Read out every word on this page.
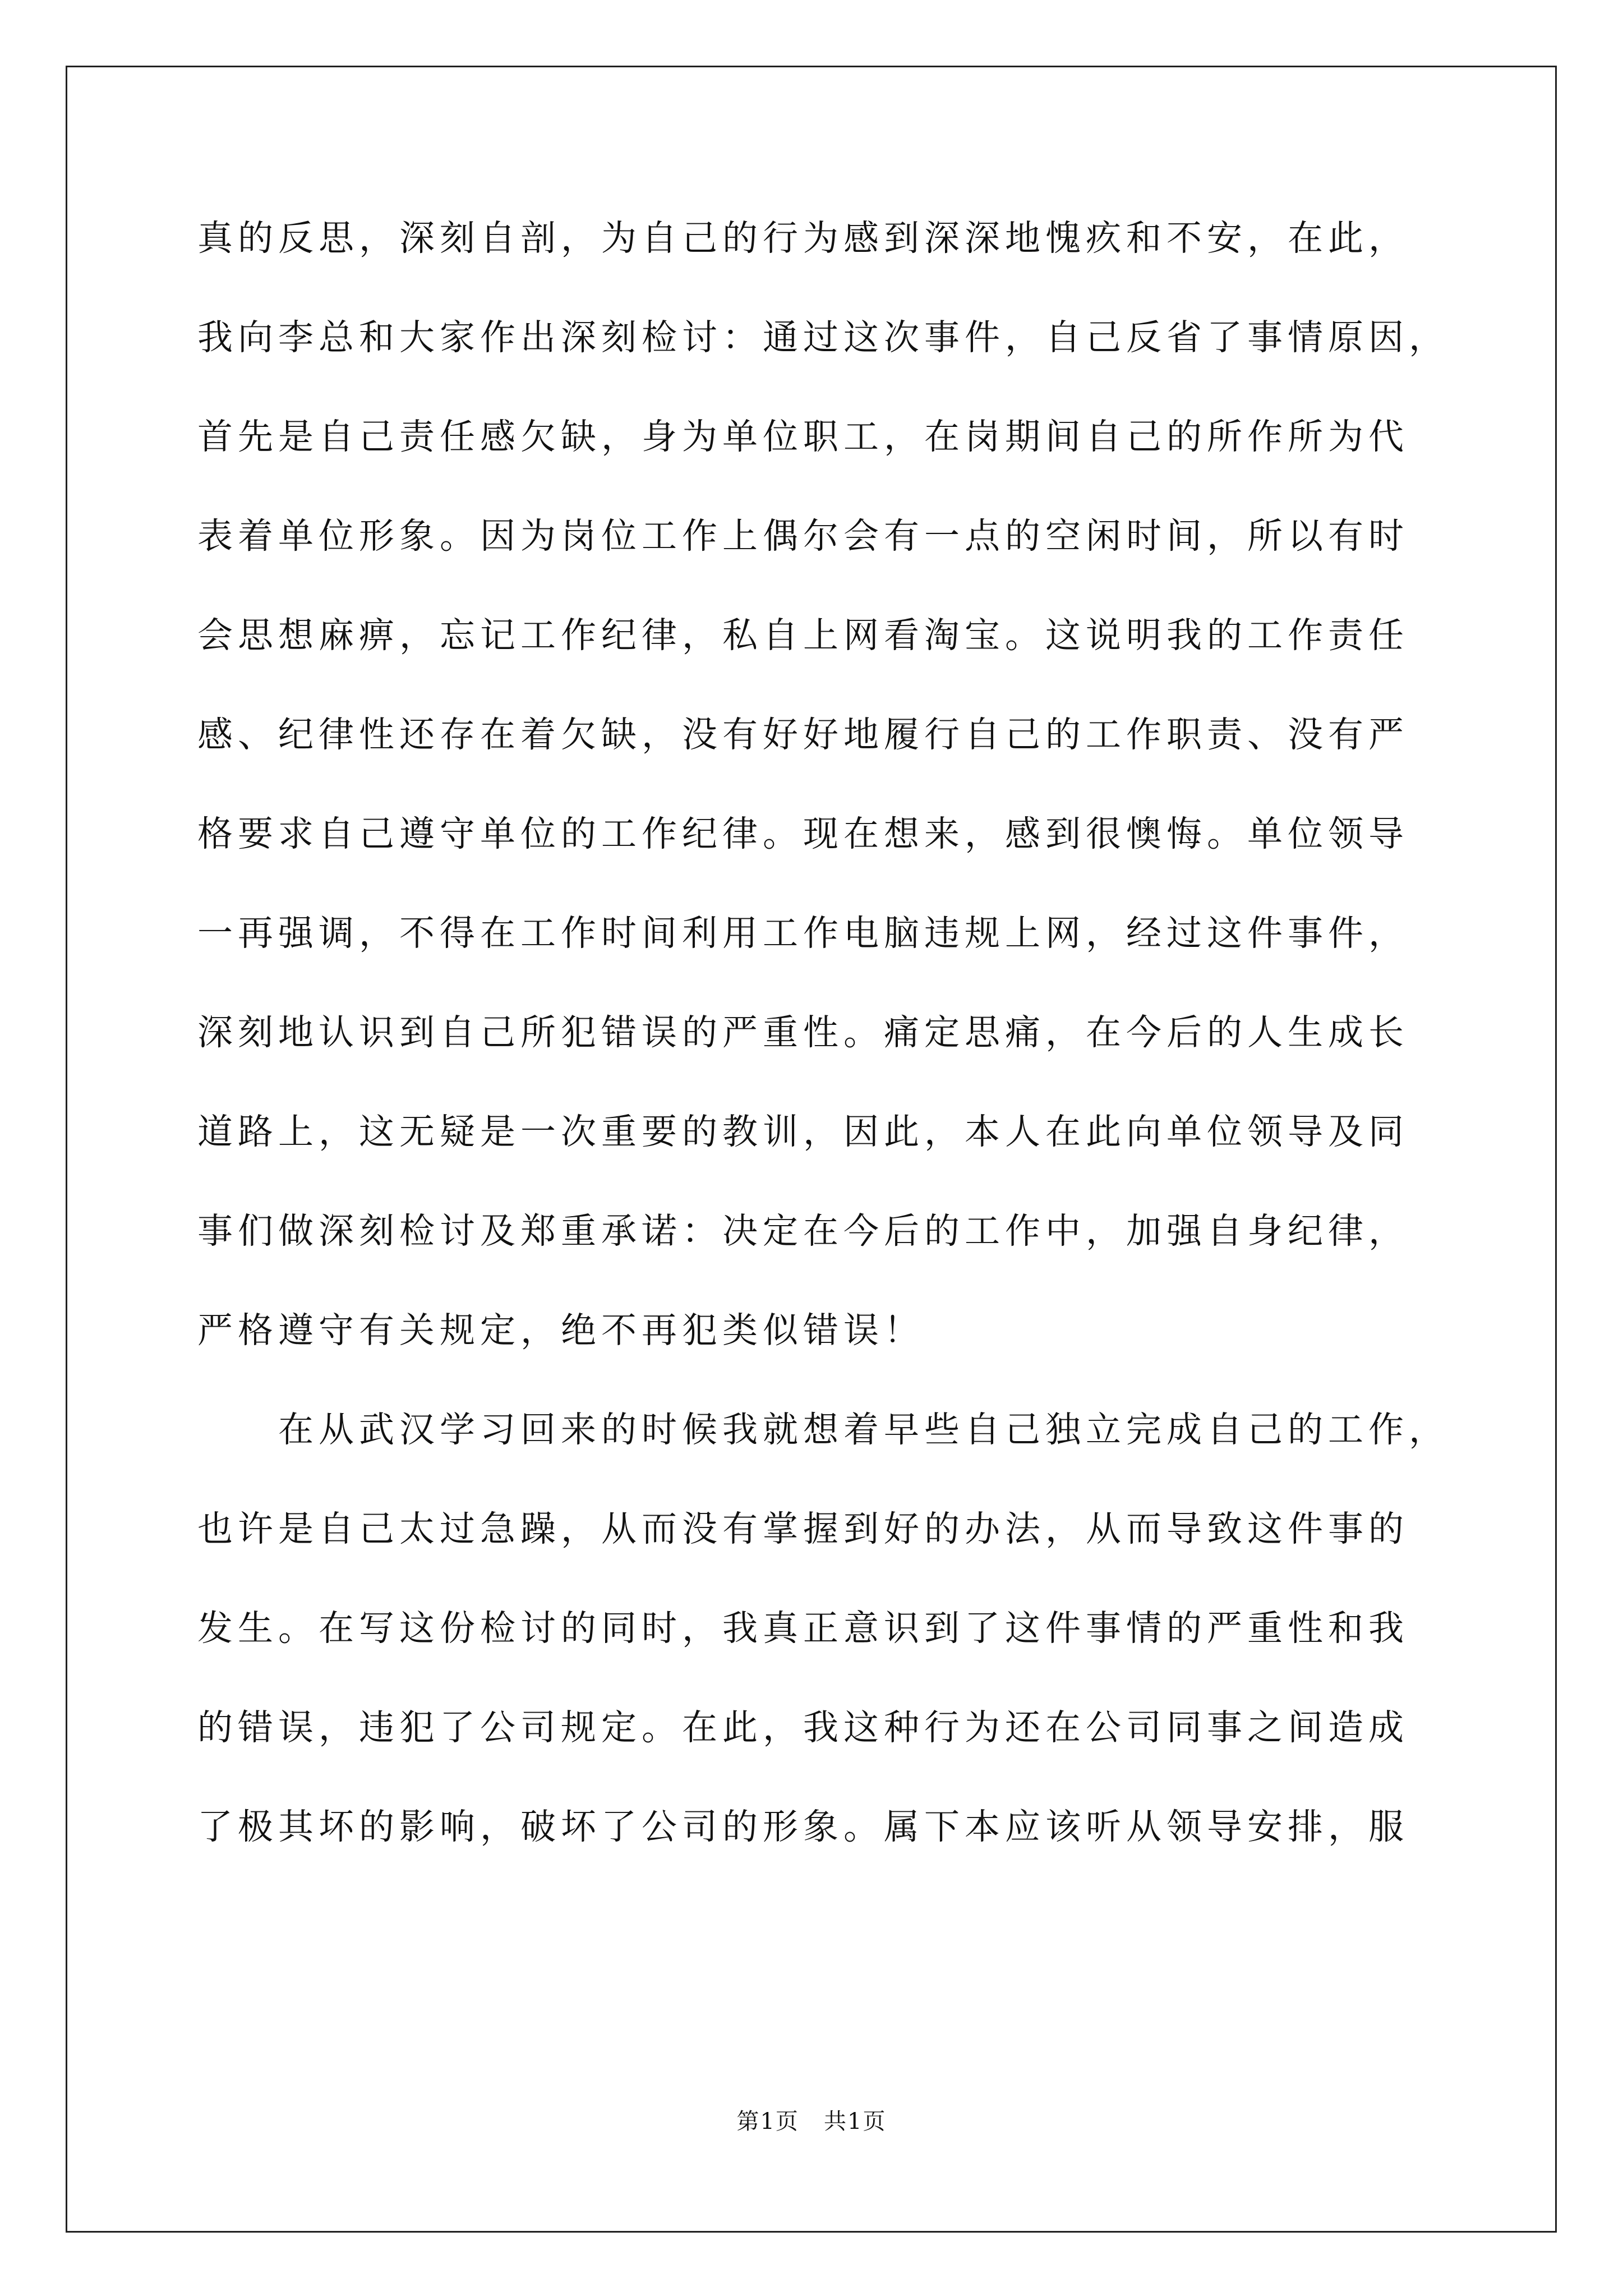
真的反思，深刻自剖，为自己的行为感到深深地愧疚和不安，在此，
我向李总和大家作出深刻检讨：通过这次事件，自己反省了事情原因，
首先是自己责任感欠缺，身为单位职工，在岗期间自己的所作所为代
表着单位形象。因为岗位工作上偶尔会有一点的空闲时间，所以有时
会思想麻痹，忘记工作纪律，私自上网看淘宝。这说明我的工作责任
感、纪律性还存在着欠缺，没有好好地履行自己的工作职责、没有严
格要求自己遵守单位的工作纪律。现在想来，感到很懊悔。单位领导
一再强调，不得在工作时间利用工作电脑违规上网，经过这件事件，
深刻地认识到自己所犯错误的严重性。痛定思痛，在今后的人生成长
道路上，这无疑是一次重要的教训，因此，本人在此向单位领导及同
事们做深刻检讨及郑重承诺：决定在今后的工作中，加强自身纪律，
严格遵守有关规定，绝不再犯类似错误！
在从武汉学习回来的时候我就想着早些自己独立完成自己的工作，
也许是自己太过急躁，从而没有掌握到好的办法，从而导致这件事的
发生。在写这份检讨的同时，我真正意识到了这件事情的严重性和我
的错误，违犯了公司规定。在此，我这种行为还在公司同事之间造成
了极其坏的影响，破坏了公司的形象。属下本应该听从领导安排，服
第1页   共1页
